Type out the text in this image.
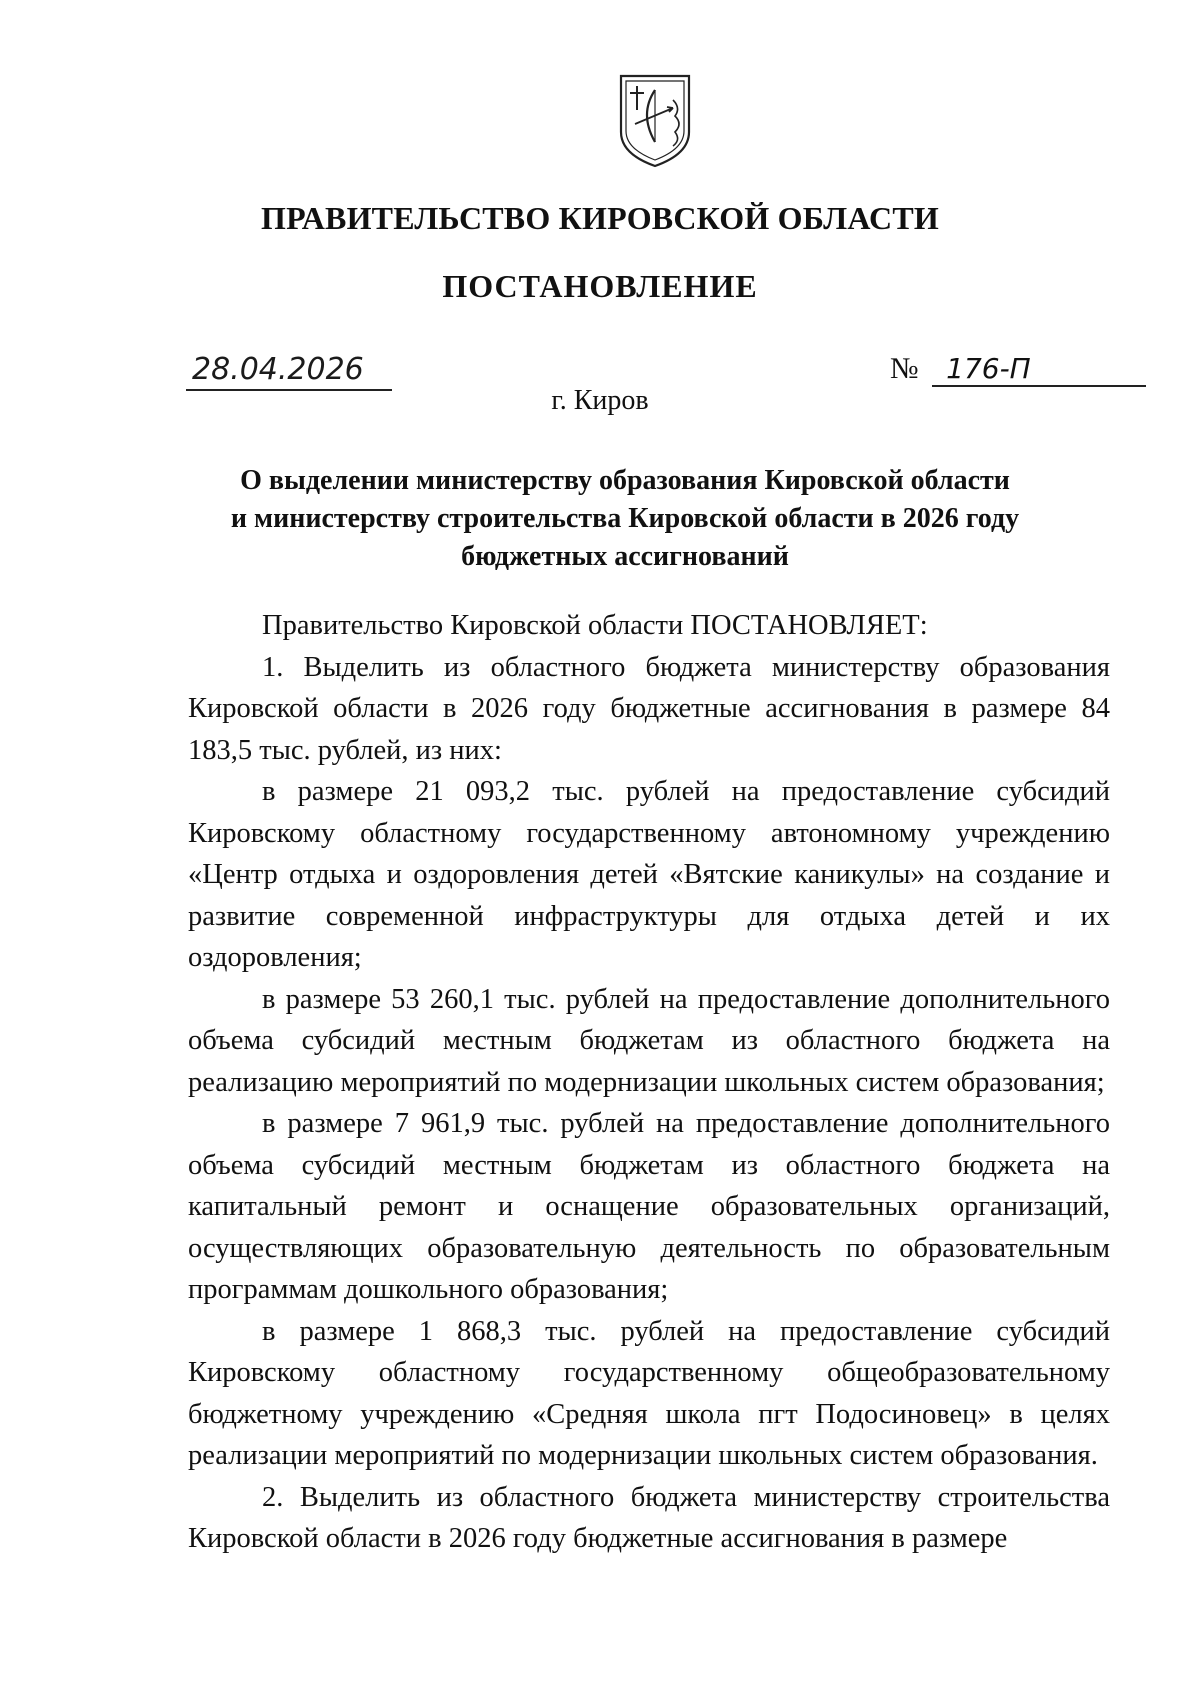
ПРАВИТЕЛЬСТВО КИРОВСКОЙ ОБЛАСТИ
ПОСТАНОВЛЕНИЕ
28.04.2026	№ 176-П
г. Киров
О выделении министерству образования Кировской области
и министерству строительства Кировской области в 2026 году
бюджетных ассигнований

Правительство Кировской области ПОСТАНОВЛЯЕТ:

1. Выделить из областного бюджета министерству образования Кировской области в 2026 году бюджетные ассигнования в размере 84 183,5 тыс. рублей, из них:

в размере 21 093,2 тыс. рублей на предоставление субсидий Кировскому областному государственному автономному учреждению «Центр отдыха и оздоровления детей «Вятские каникулы» на создание и развитие современной инфраструктуры для отдыха детей и их оздоровления;

в размере 53 260,1 тыс. рублей на предоставление дополнительного объема субсидий местным бюджетам из областного бюджета на реализацию мероприятий по модернизации школьных систем образования;

в размере 7 961,9 тыс. рублей на предоставление дополнительного объема субсидий местным бюджетам из областного бюджета на капитальный ремонт и оснащение образовательных организаций, осуществляющих образовательную деятельность по образовательным программам дошкольного образования;

в размере 1 868,3 тыс. рублей на предоставление субсидий Кировскому областному государственному общеобразовательному бюджетному учреждению «Средняя школа пгт Подосиновец» в целях реализации мероприятий по модернизации школьных систем образования.

2. Выделить из областного бюджета министерству строительства Кировской области в 2026 году бюджетные ассигнования в размере
